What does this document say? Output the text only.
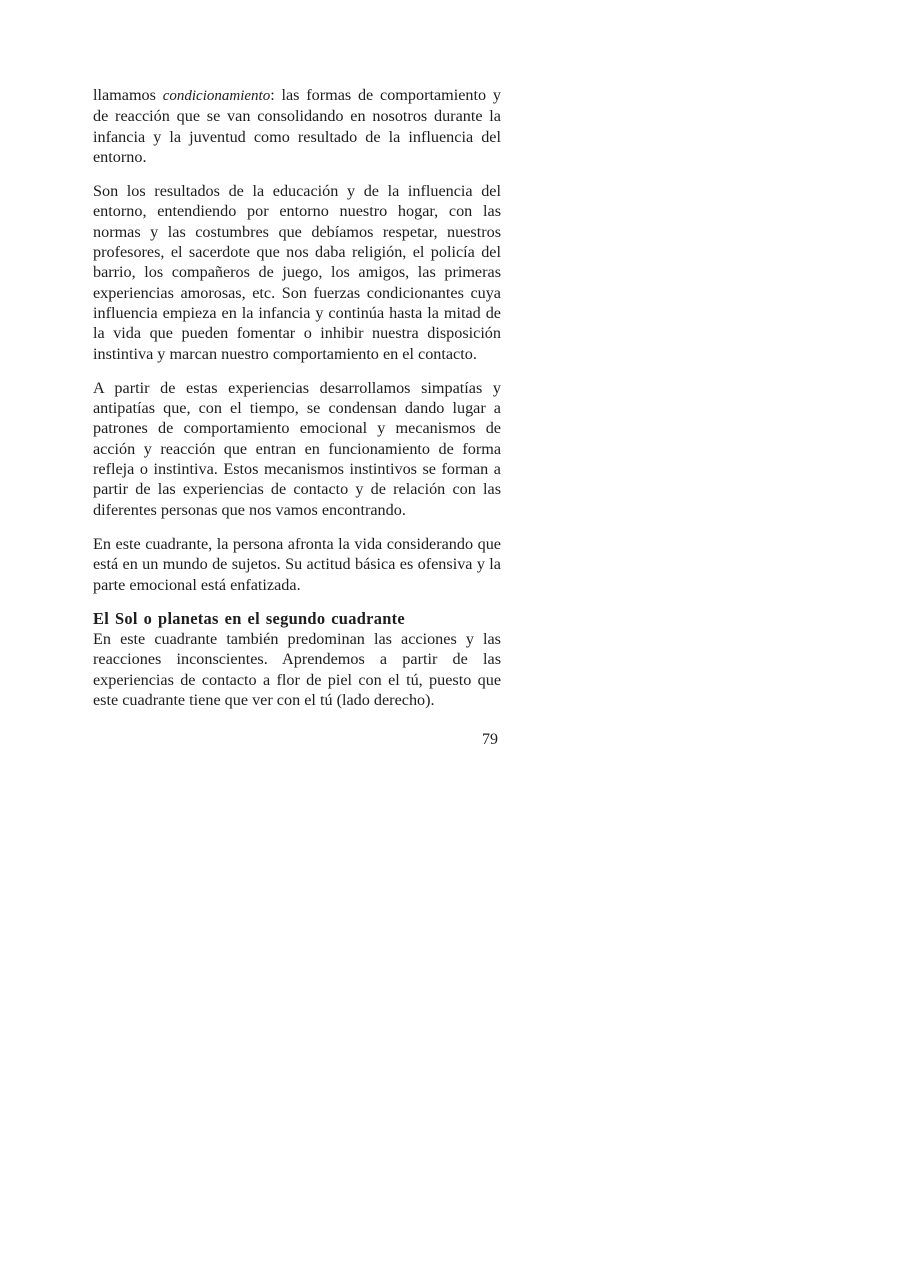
llamamos condicionamiento: las formas de comportamiento y de reacción que se van consolidando en nosotros durante la infancia y la juventud como resultado de la influencia del entorno.

Son los resultados de la educación y de la influencia del entorno, entendiendo por entorno nuestro hogar, con las normas y las costumbres que debíamos respetar, nuestros profesores, el sacerdote que nos daba religión, el policía del barrio, los compañeros de juego, los amigos, las primeras experiencias amorosas, etc. Son fuerzas condicionantes cuya influencia empieza en la infancia y continúa hasta la mitad de la vida que pueden fomentar o inhibir nuestra disposición instintiva y marcan nuestro comportamiento en el contacto.

A partir de estas experiencias desarrollamos simpatías y antipatías que, con el tiempo, se condensan dando lugar a patrones de comportamiento emocional y mecanismos de acción y reacción que entran en funcionamiento de forma refleja o instintiva. Estos mecanismos instintivos se forman a partir de las experiencias de contacto y de relación con las diferentes personas que nos vamos encontrando.

En este cuadrante, la persona afronta la vida considerando que está en un mundo de sujetos. Su actitud básica es ofensiva y la parte emocional está enfatizada.

El Sol o planetas en el segundo cuadrante

En este cuadrante también predominan las acciones y las reacciones inconscientes. Aprendemos a partir de las experiencias de contacto a flor de piel con el tú, puesto que este cuadrante tiene que ver con el tú (lado derecho).

79
